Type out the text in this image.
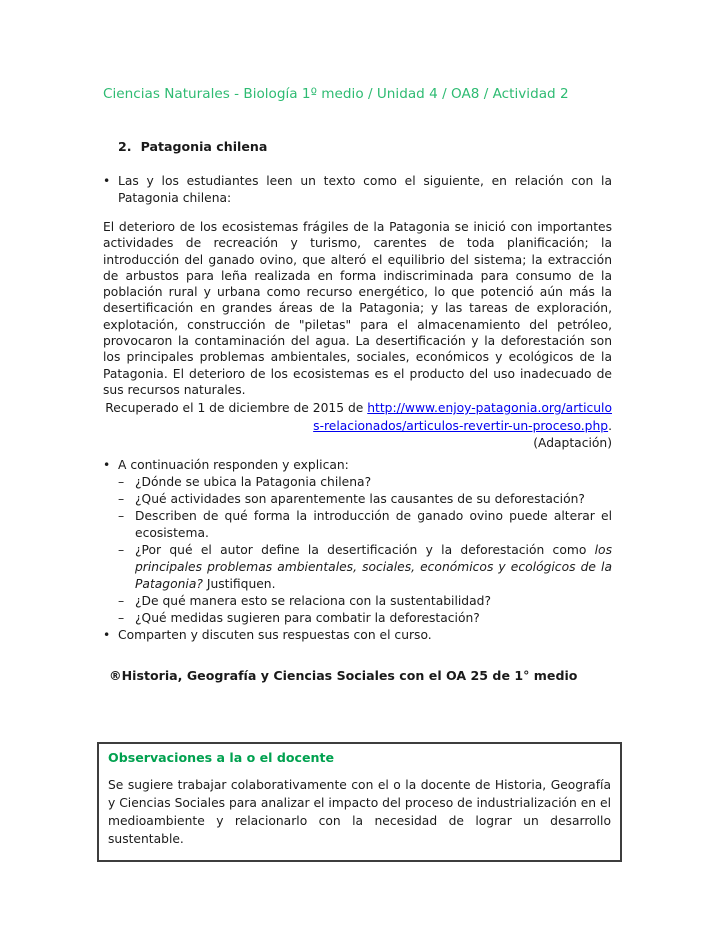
Ciencias Naturales - Biología 1º medio / Unidad 4 / OA8 / Actividad 2
2. Patagonia chilena
• Las y los estudiantes leen un texto como el siguiente, en relación con la Patagonia chilena:
El deterioro de los ecosistemas frágiles de la Patagonia se inició con importantes actividades de recreación y turismo, carentes de toda planificación; la introducción del ganado ovino, que alteró el equilibrio del sistema; la extracción de arbustos para leña realizada en forma indiscriminada para consumo de la población rural y urbana como recurso energético, lo que potenció aún más la desertificación en grandes áreas de la Patagonia; y las tareas de exploración, explotación, construcción de "piletas" para el almacenamiento del petróleo, provocaron la contaminación del agua. La desertificación y la deforestación son los principales problemas ambientales, sociales, económicos y ecológicos de la Patagonia. El deterioro de los ecosistemas es el producto del uso inadecuado de sus recursos naturales.
Recuperado el 1 de diciembre de 2015 de http://www.enjoy-patagonia.org/articulos-relacionados/articulos-revertir-un-proceso.php.
(Adaptación)
• A continuación responden y explican:
– ¿Dónde se ubica la Patagonia chilena?
– ¿Qué actividades son aparentemente las causantes de su deforestación?
– Describen de qué forma la introducción de ganado ovino puede alterar el ecosistema.
– ¿Por qué el autor define la desertificación y la deforestación como los principales problemas ambientales, sociales, económicos y ecológicos de la Patagonia? Justifiquen.
– ¿De qué manera esto se relaciona con la sustentabilidad?
– ¿Qué medidas sugieren para combatir la deforestación?
• Comparten y discuten sus respuestas con el curso.
®Historia, Geografía y Ciencias Sociales con el OA 25 de 1° medio
Observaciones a la o el docente
Se sugiere trabajar colaborativamente con el o la docente de Historia, Geografía y Ciencias Sociales para analizar el impacto del proceso de industrialización en el medioambiente y relacionarlo con la necesidad de lograr un desarrollo sustentable.
